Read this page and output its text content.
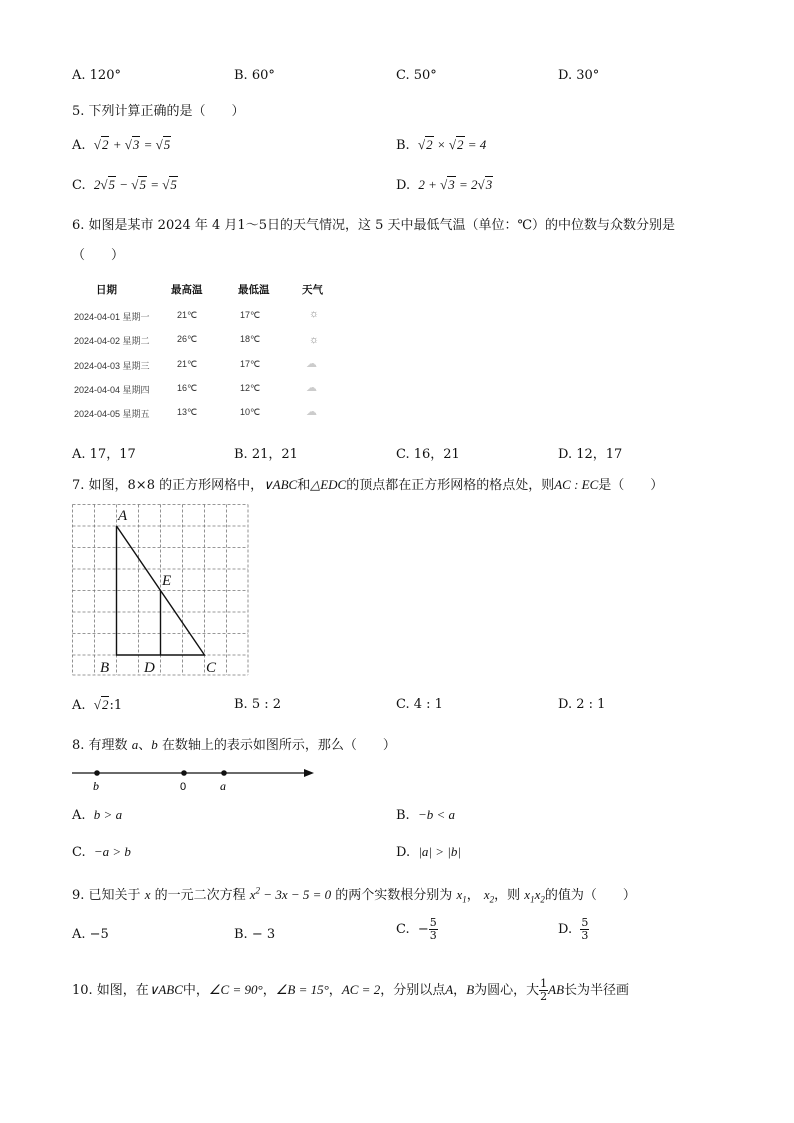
A. 120°	B. 60°	C. 50°	D. 30°
5. 下列计算正确的是（　　）
A. √2 + √3 = √5	B. √2 × √2 = 4
C. 2√5 − √5 = √5	D. 2 + √3 = 2√3
6. 如图是某市 2024 年 4 月1～5日的天气情况，这 5 天中最低气温（单位：℃）的中位数与众数分别是
（　　）
日期	最高温	最低温	天气
2024-04-01 星期一	21℃	17℃	☼
2024-04-02 星期二	26℃	18℃	☼
2024-04-03 星期三	21℃	17℃	☁
2024-04-04 星期四	16℃	12℃	☁
2024-04-05 星期五	13℃	10℃	☁
A. 17，17	B. 21，21	C. 16，21	D. 12，17
7. 如图，8×8 的正方形网格中，∨ABC和△EDC的顶点都在正方形网格的格点处，则AC : EC是（　　）
A
E
B D	C
A. √2:1	B. 5 : 2	C. 4 : 1	D. 2 : 1
8. 有理数 a、b 在数轴上的表示如图所示，那么（　　）
b	0	a
A. b > a	B. −b < a
C. −a > b	D. |a| > |b|
9. 已知关于 x 的一元二次方程 $x^2 - 3x - 5 = 0$ 的两个实数根分别为 $x_1$， $x_2$，则 $x_1x_2$的值为（　　）
A. −5	B. − 3	C.  − $\frac{5}{3}$	D. $\frac{5}{3}$
10. 如图，在∨ABC中，∠C = 90°，∠B = 15°，AC = 2，分别以点A，B为圆心，大 $\frac{1}{2}$ AB长为半径画
